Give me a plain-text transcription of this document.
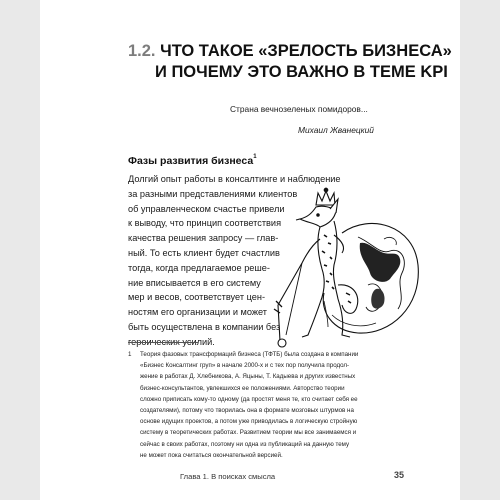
1.2. ЧТО ТАКОЕ «ЗРЕЛОСТЬ БИЗНЕСА»
И ПОЧЕМУ ЭТО ВАЖНО В ТЕМЕ KPI
Страна вечнозеленых помидоров...
Михаил Жванецкий
Фазы развития бизнеса$^1$
Долгий опыт работы в консалтинге и наблюдение
за разными представлениями клиентов
об управленческом счастье привели
к выводу, что принцип соответствия
качества решения запросу — глав-
ный. То есть клиент будет счастлив
тогда, когда предлагаемое реше-
ние вписывается в его систему
мер и весов, соответствует цен-
ностям его организации и может
быть осуществлена в компании без
героических усилий.
1 Теория фазовых трансформаций бизнеса (ТФТБ) была создана в компании
«Бизнес Консалтинг груп» в начале 2000-х и с тех пор получила продол-
жение в работах Д. Хлебникова, А. Яцыны, Т. Кадыева и других известных
бизнес-консультантов, увлекшихся ее положениями. Авторство теории
сложно приписать кому-то одному (да простят меня те, кто считает себя ее
создателями), потому что творилась она в формате мозговых штурмов на
основе идущих проектов, а потом уже приводилась в логическую стройную
систему в теоретических работах. Развитием теории мы все занимаемся и
сейчас в своих работах, поэтому ни одна из публикаций на данную тему
не может пока считаться окончательной версией.
Глава 1. В поисках смысла	35
